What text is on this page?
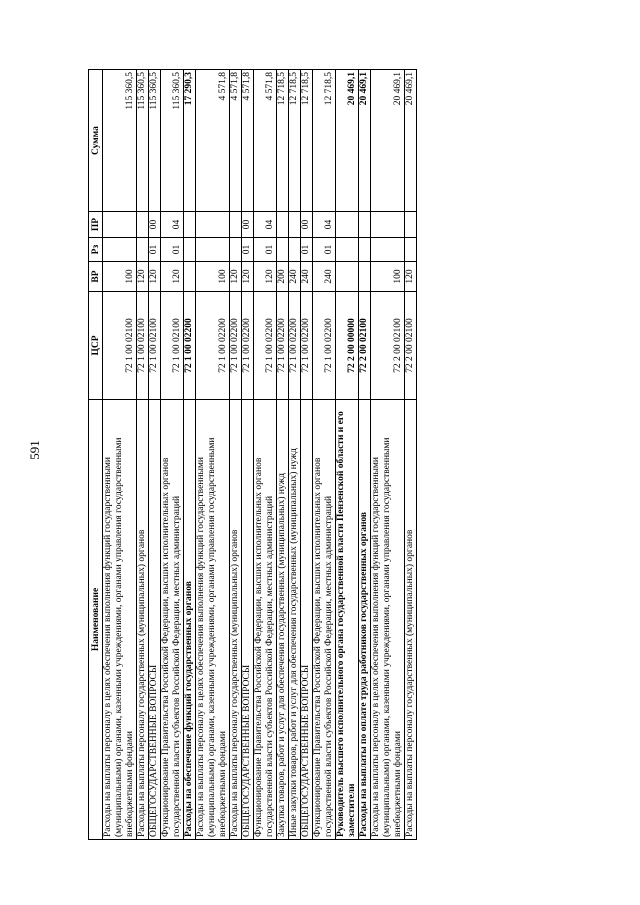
591
Наименование	ЦСР	ВР	Рз	ПР	Сумма
Расходы на выплаты персоналу в целях обеспечения выполнения функций государственными (муниципальными) органами, казенными учреждениями, органами управления государственными внебюджетными фондами	72 1 00 02100	100			115 360,5
Расходы на выплаты персоналу государственных (муниципальных) органов	72 1 00 02100	120			115 360,5
ОБЩЕГОСУДАРСТВЕННЫЕ ВОПРОСЫ	72 1 00 02100	120	01	00	115 360,5
Функционирование Правительства Российской Федерации, высших исполнительных органов государственной власти субъектов Российской Федерации, местных администраций	72 1 00 02100	120	01	04	115 360,5
Расходы на обеспечение функций государственных органов	72 1 00 02200				17 290,3
Расходы на выплаты персоналу в целях обеспечения выполнения функций государственными (муниципальными) органами, казенными учреждениями, органами управления государственными внебюджетными фондами	72 1 00 02200	100			4 571,8
Расходы на выплаты персоналу государственных (муниципальных) органов	72 1 00 02200	120			4 571,8
ОБЩЕГОСУДАРСТВЕННЫЕ ВОПРОСЫ	72 1 00 02200	120	01	00	4 571,8
Функционирование Правительства Российской Федерации, высших исполнительных органов государственной власти субъектов Российской Федерации, местных администраций	72 1 00 02200	120	01	04	4 571,8
Закупка товаров, работ и услуг для обеспечения государственных (муниципальных) нужд	72 1 00 02200	200			12 718,5
Иные закупки товаров, работ и услуг для обеспечения государственных (муниципальных) нужд	72 1 00 02200	240			12 718,5
ОБЩЕГОСУДАРСТВЕННЫЕ ВОПРОСЫ	72 1 00 02200	240	01	00	12 718,5
Функционирование Правительства Российской Федерации, высших исполнительных органов государственной власти субъектов Российской Федерации, местных администраций	72 1 00 02200	240	01	04	12 718,5
Руководитель высшего исполнительного органа государственной власти Пензенской области и его заместители	72 2 00 00000				20 469,1
Расходы на выплаты по оплате труда работников государственных органов	72 2 00 02100				20 469,1
Расходы на выплаты персоналу в целях обеспечения выполнения функций государственными (муниципальными) органами, казенными учреждениями, органами управления государственными внебюджетными фондами	72 2 00 02100	100			20 469,1
Расходы на выплаты персоналу государственных (муниципальных) органов	72 2 00 02100	120			20 469,1
